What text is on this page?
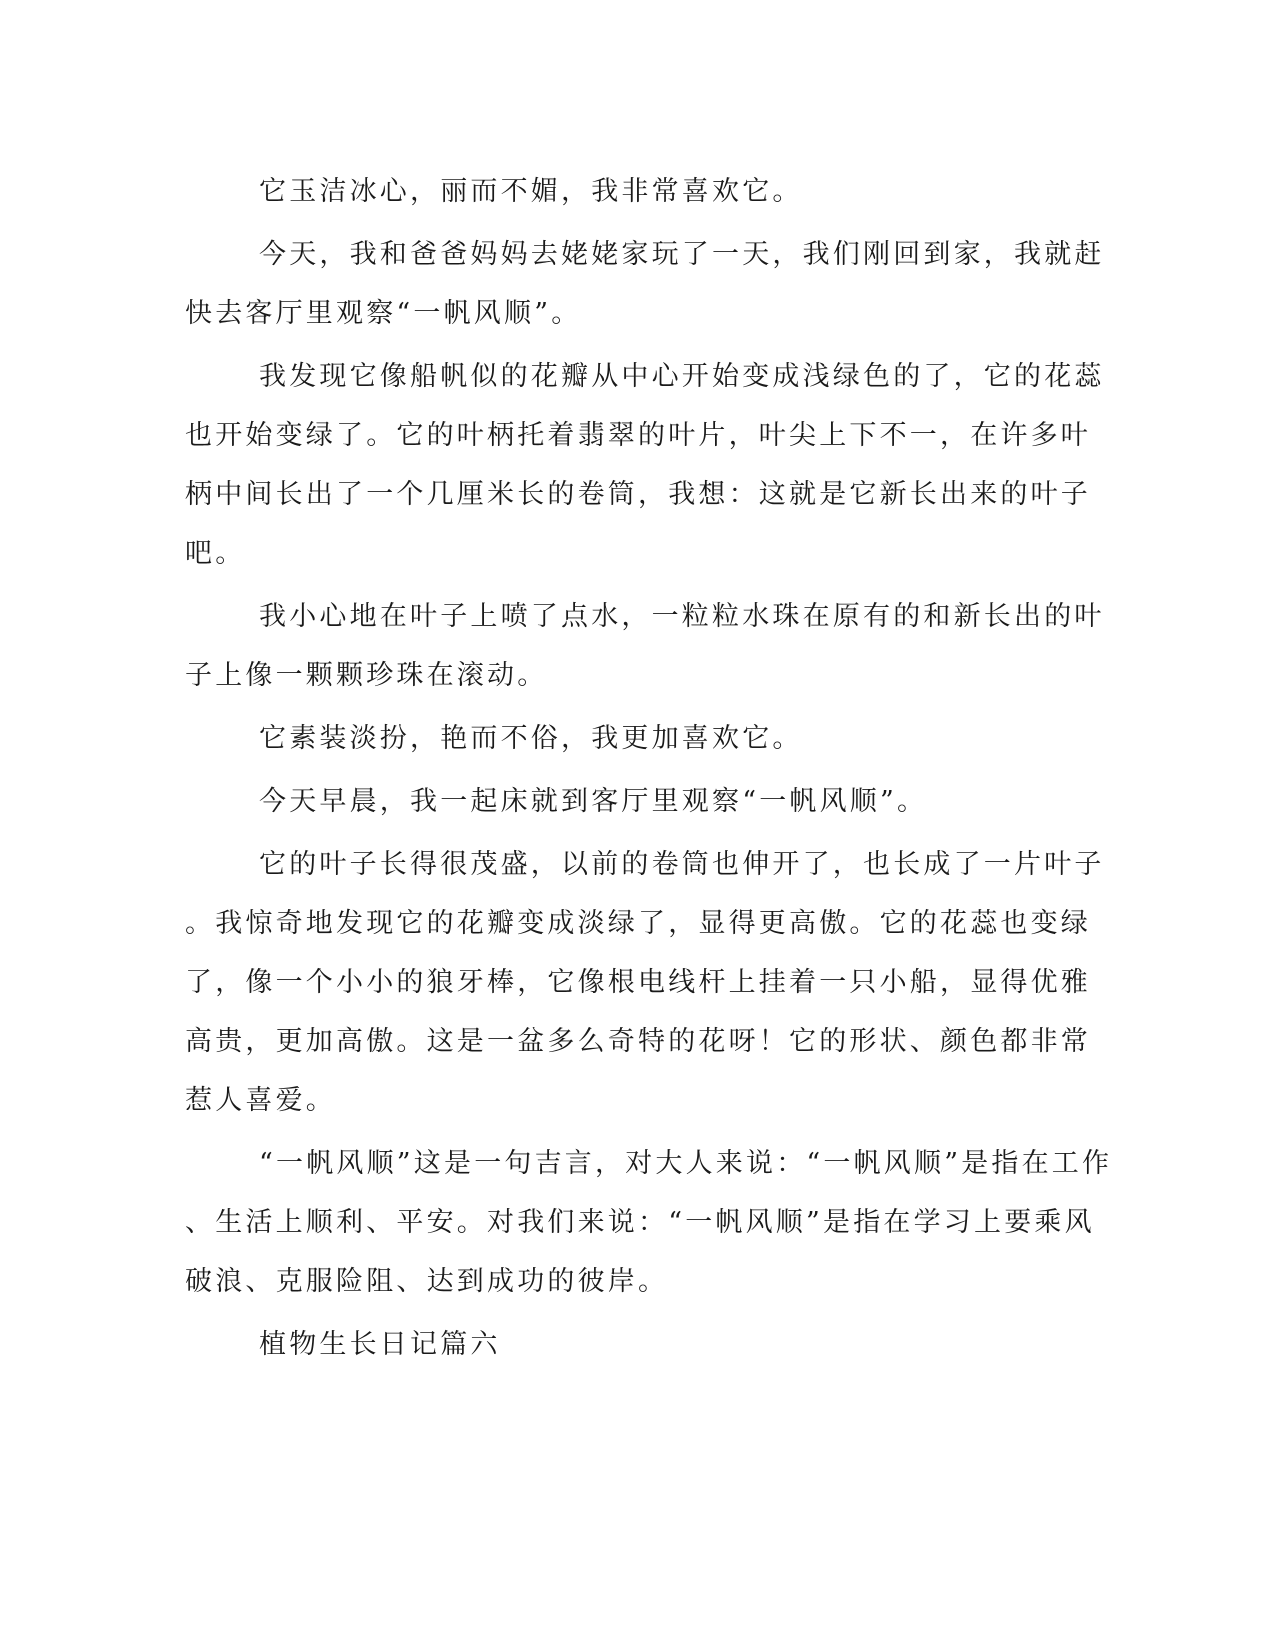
它玉洁冰心，丽而不媚，我非常喜欢它。

今天，我和爸爸妈妈去姥姥家玩了一天，我们刚回到家，我就赶
快去客厅里观察“一帆风顺”。

我发现它像船帆似的花瓣从中心开始变成浅绿色的了，它的花蕊
也开始变绿了。它的叶柄托着翡翠的叶片，叶尖上下不一，在许多叶
柄中间长出了一个几厘米长的卷筒，我想：这就是它新长出来的叶子
吧。

我小心地在叶子上喷了点水，一粒粒水珠在原有的和新长出的叶
子上像一颗颗珍珠在滚动。

它素装淡扮，艳而不俗，我更加喜欢它。

今天早晨，我一起床就到客厅里观察“一帆风顺”。

它的叶子长得很茂盛，以前的卷筒也伸开了，也长成了一片叶子
。我惊奇地发现它的花瓣变成淡绿了，显得更高傲。它的花蕊也变绿
了，像一个小小的狼牙棒，它像根电线杆上挂着一只小船，显得优雅
高贵，更加高傲。这是一盆多么奇特的花呀！它的形状、颜色都非常
惹人喜爱。

“一帆风顺”这是一句吉言，对大人来说：“一帆风顺”是指在工作
、生活上顺利、平安。对我们来说：“一帆风顺”是指在学习上要乘风
破浪、克服险阻、达到成功的彼岸。

植物生长日记篇六
